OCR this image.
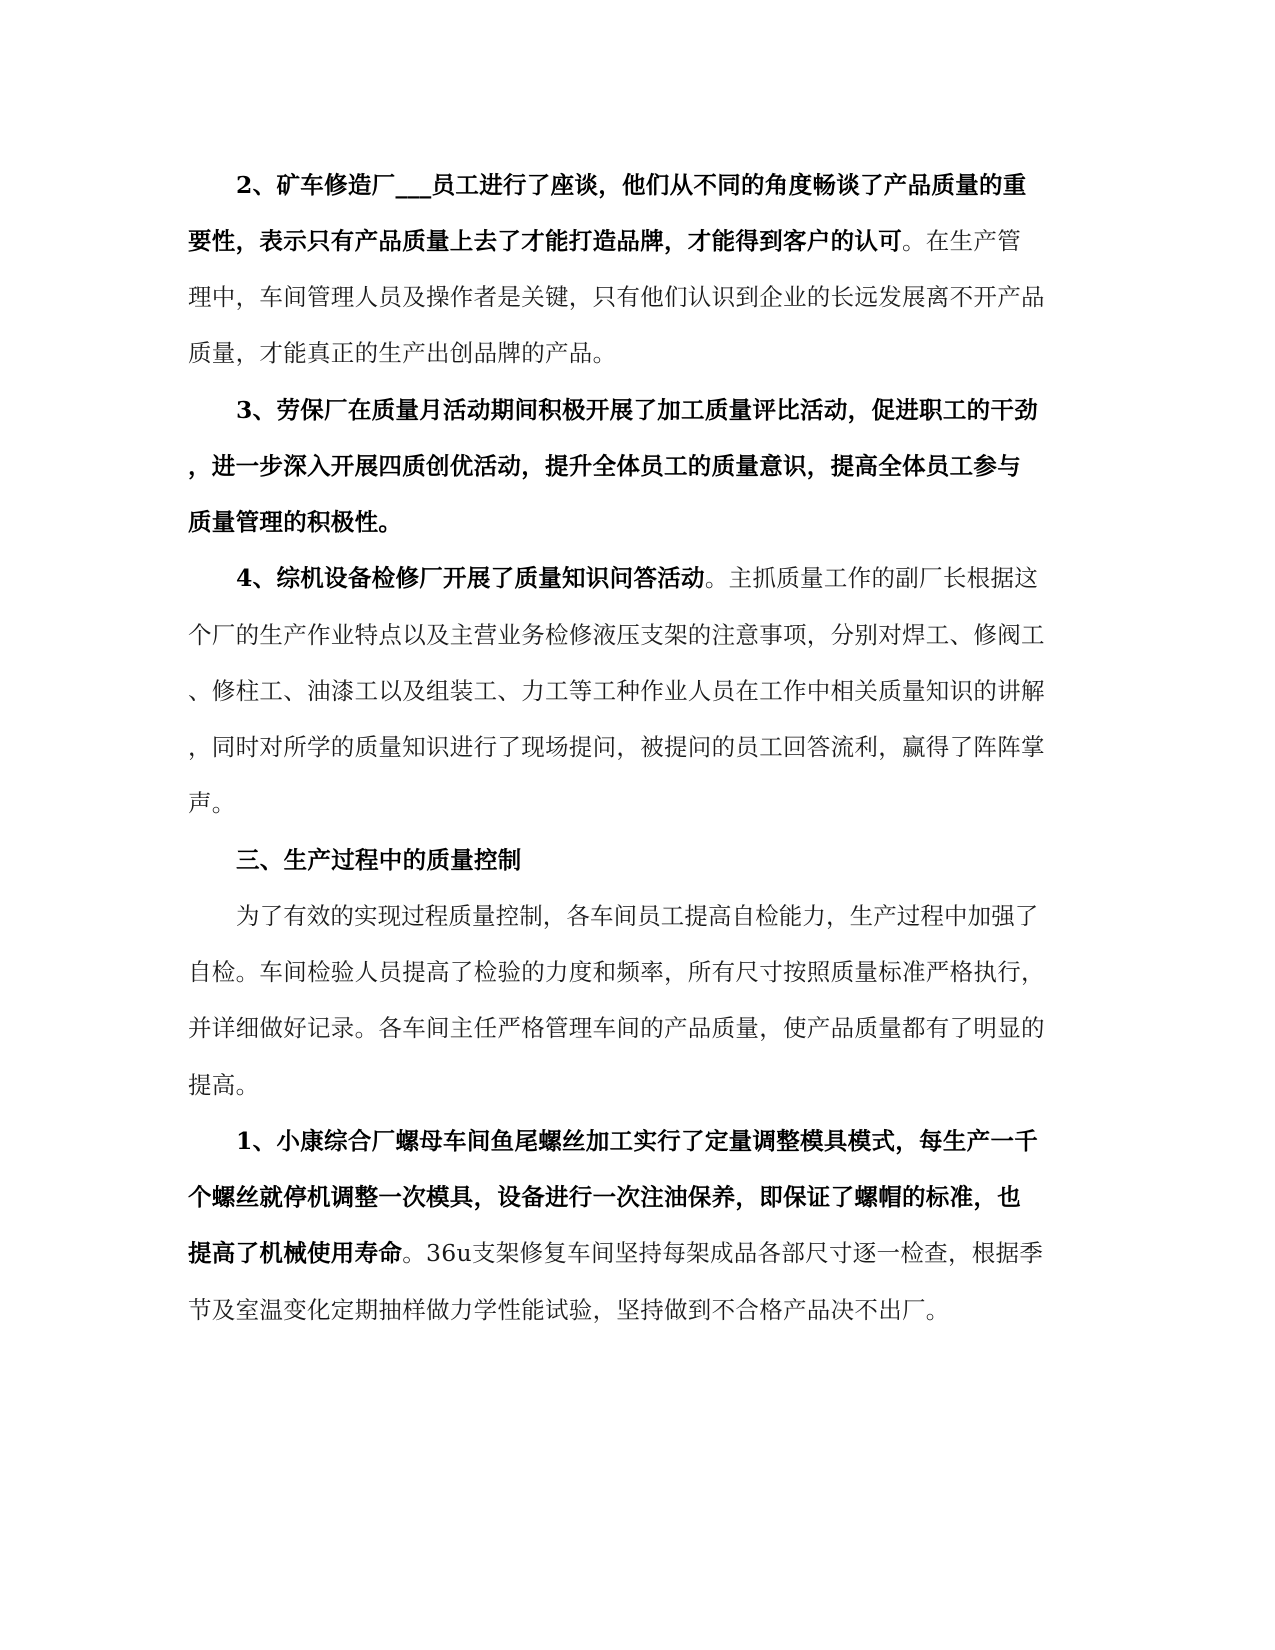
2、矿车修造厂___员工进行了座谈，他们从不同的角度畅谈了产品质量的重
要性，表示只有产品质量上去了才能打造品牌，才能得到客户的认可。在生产管
理中，车间管理人员及操作者是关键，只有他们认识到企业的长远发展离不开产品
质量，才能真正的生产出创品牌的产品。
3、劳保厂在质量月活动期间积极开展了加工质量评比活动，促进职工的干劲
，进一步深入开展四质创优活动，提升全体员工的质量意识，提高全体员工参与
质量管理的积极性。
4、综机设备检修厂开展了质量知识问答活动。主抓质量工作的副厂长根据这
个厂的生产作业特点以及主营业务检修液压支架的注意事项，分别对焊工、修阀工
、修柱工、油漆工以及组装工、力工等工种作业人员在工作中相关质量知识的讲解
，同时对所学的质量知识进行了现场提问，被提问的员工回答流利，赢得了阵阵掌
声。
三、生产过程中的质量控制
为了有效的实现过程质量控制，各车间员工提高自检能力，生产过程中加强了
自检。车间检验人员提高了检验的力度和频率，所有尺寸按照质量标准严格执行，
并详细做好记录。各车间主任严格管理车间的产品质量，使产品质量都有了明显的
提高。
1、小康综合厂螺母车间鱼尾螺丝加工实行了定量调整模具模式，每生产一千
个螺丝就停机调整一次模具，设备进行一次注油保养，即保证了螺帽的标准，也
提高了机械使用寿命。36u支架修复车间坚持每架成品各部尺寸逐一检查，根据季
节及室温变化定期抽样做力学性能试验，坚持做到不合格产品决不出厂。
